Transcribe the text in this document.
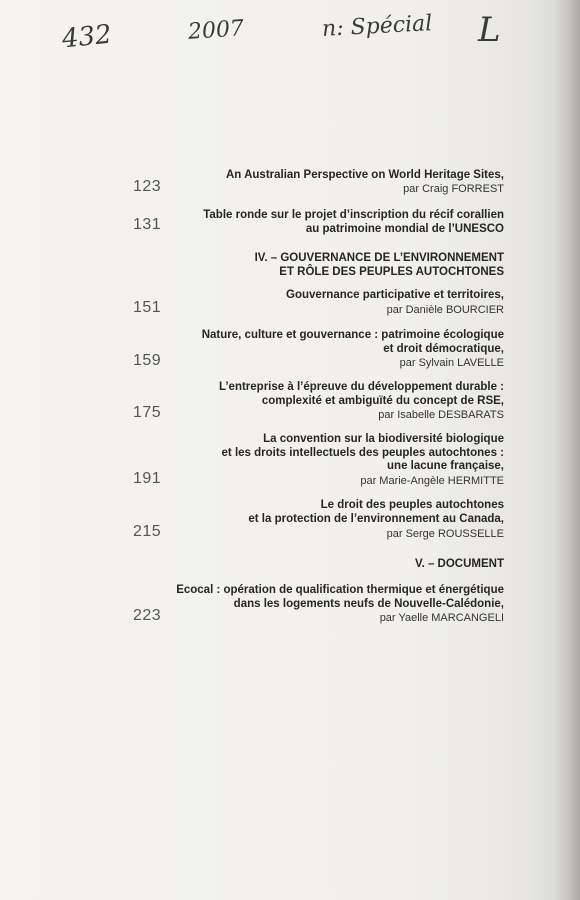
432	2007	n: Spécial L
An Australian Perspective on World Heritage Sites,
par Craig FORREST
123
Table ronde sur le projet d’inscription du récif corallien
au patrimoine mondial de l’UNESCO
131
IV. – GOUVERNANCE DE L’ENVIRONNEMENT
ET RÔLE DES PEUPLES AUTOCHTONES
Gouvernance participative et territoires,
par Danièle BOURCIER
151
Nature, culture et gouvernance : patrimoine écologique
et droit démocratique,
par Sylvain LAVELLE
159
L’entreprise à l’épreuve du développement durable :
complexité et ambiguïté du concept de RSE,
par Isabelle DESBARATS
175
La convention sur la biodiversité biologique
et les droits intellectuels des peuples autochtones :
une lacune française,
par Marie-Angèle HERMITTE
191
Le droit des peuples autochtones
et la protection de l’environnement au Canada,
par Serge ROUSSELLE
215
V. – DOCUMENT
Ecocal : opération de qualification thermique et énergétique
dans les logements neufs de Nouvelle-Calédonie,
par Yaelle MARCANGELI
223
